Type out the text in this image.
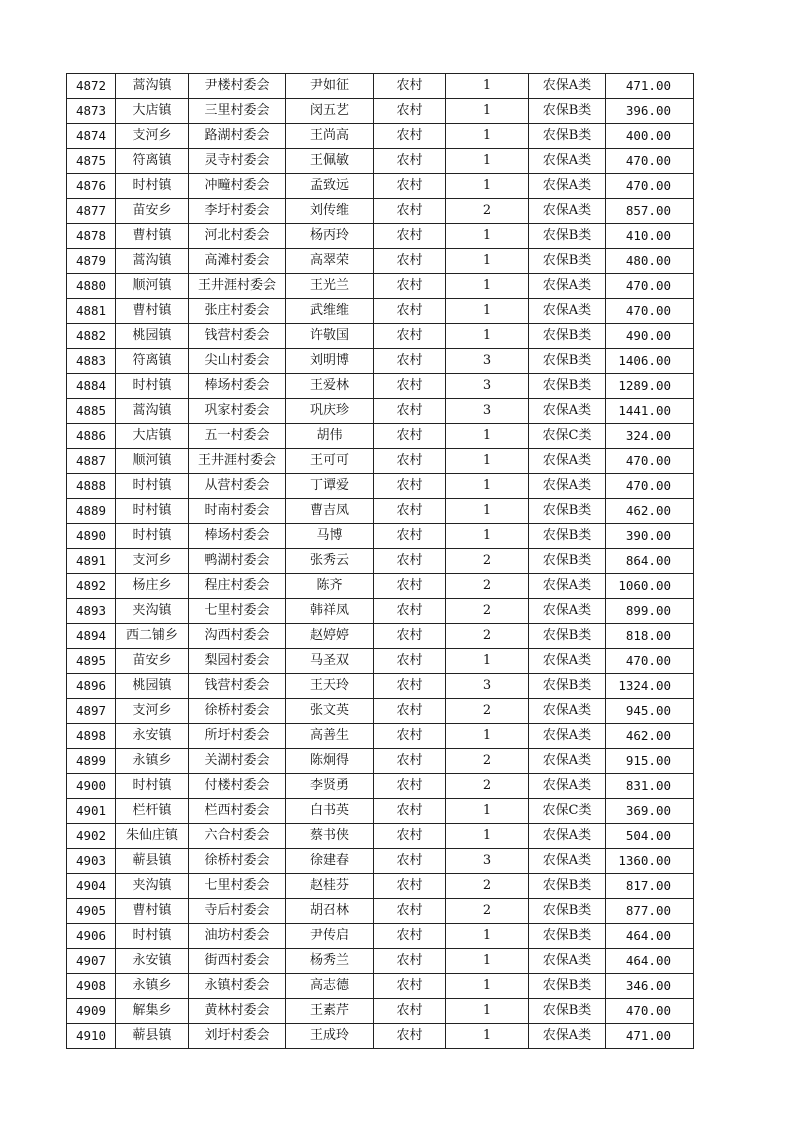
4872	蒿沟镇	尹楼村委会	尹如征	农村	1	农保A类	471.00
4873	大店镇	三里村委会	闵五艺	农村	1	农保B类	396.00
4874	支河乡	路湖村委会	王尚高	农村	1	农保B类	400.00
4875	符离镇	灵寺村委会	王佩敏	农村	1	农保A类	470.00
4876	时村镇	冲疃村委会	孟致远	农村	1	农保A类	470.00
4877	苗安乡	李圩村委会	刘传维	农村	2	农保A类	857.00
4878	曹村镇	河北村委会	杨丙玲	农村	1	农保B类	410.00
4879	蒿沟镇	高滩村委会	高翠荣	农村	1	农保B类	480.00
4880	顺河镇	王井涯村委会	王光兰	农村	1	农保A类	470.00
4881	曹村镇	张庄村委会	武维维	农村	1	农保A类	470.00
4882	桃园镇	钱营村委会	许敬国	农村	1	农保B类	490.00
4883	符离镇	尖山村委会	刘明博	农村	3	农保B类	1406.00
4884	时村镇	棒场村委会	王爱林	农村	3	农保B类	1289.00
4885	蒿沟镇	巩家村委会	巩庆珍	农村	3	农保A类	1441.00
4886	大店镇	五一村委会	胡伟	农村	1	农保C类	324.00
4887	顺河镇	王井涯村委会	王可可	农村	1	农保A类	470.00
4888	时村镇	从营村委会	丁谭爱	农村	1	农保A类	470.00
4889	时村镇	时南村委会	曹吉凤	农村	1	农保B类	462.00
4890	时村镇	棒场村委会	马博	农村	1	农保B类	390.00
4891	支河乡	鸭湖村委会	张秀云	农村	2	农保B类	864.00
4892	杨庄乡	程庄村委会	陈齐	农村	2	农保A类	1060.00
4893	夹沟镇	七里村委会	韩祥凤	农村	2	农保A类	899.00
4894	西二铺乡	沟西村委会	赵婷婷	农村	2	农保B类	818.00
4895	苗安乡	梨园村委会	马圣双	农村	1	农保A类	470.00
4896	桃园镇	钱营村委会	王天玲	农村	3	农保B类	1324.00
4897	支河乡	徐桥村委会	张文英	农村	2	农保A类	945.00
4898	永安镇	所圩村委会	高善生	农村	1	农保A类	462.00
4899	永镇乡	关湖村委会	陈炯得	农村	2	农保A类	915.00
4900	时村镇	付楼村委会	李贤勇	农村	2	农保A类	831.00
4901	栏杆镇	栏西村委会	白书英	农村	1	农保C类	369.00
4902	朱仙庄镇	六合村委会	蔡书侠	农村	1	农保A类	504.00
4903	蕲县镇	徐桥村委会	徐建春	农村	3	农保A类	1360.00
4904	夹沟镇	七里村委会	赵桂芬	农村	2	农保B类	817.00
4905	曹村镇	寺后村委会	胡召林	农村	2	农保B类	877.00
4906	时村镇	油坊村委会	尹传启	农村	1	农保B类	464.00
4907	永安镇	街西村委会	杨秀兰	农村	1	农保A类	464.00
4908	永镇乡	永镇村委会	高志德	农村	1	农保B类	346.00
4909	解集乡	黄林村委会	王素芹	农村	1	农保B类	470.00
4910	蕲县镇	刘圩村委会	王成玲	农村	1	农保A类	471.00
